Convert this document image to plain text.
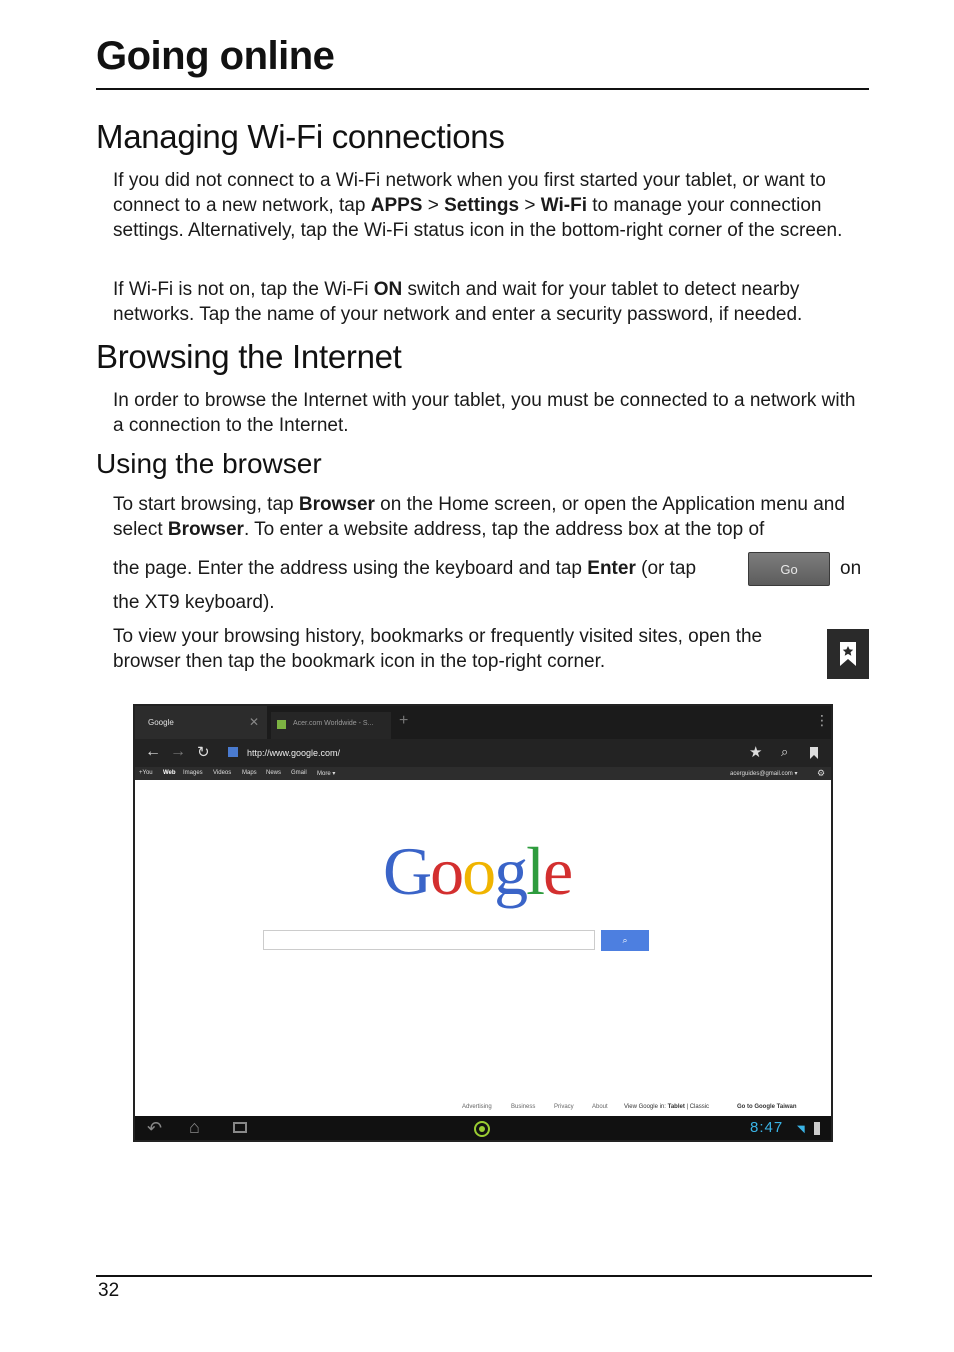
Going online
Managing Wi-Fi connections
If you did not connect to a Wi-Fi network when you first started your tablet, or want to connect to a new network, tap APPS > Settings > Wi-Fi to manage your connection settings. Alternatively, tap the Wi-Fi status icon in the bottom-right corner of the screen.
If Wi-Fi is not on, tap the Wi-Fi ON switch and wait for your tablet to detect nearby networks. Tap the name of your network and enter a security password, if needed.
Browsing the Internet
In order to browse the Internet with your tablet, you must be connected to a network with a connection to the Internet.
Using the browser
To start browsing, tap Browser on the Home screen, or open the Application menu and select Browser. To enter a website address, tap the address box at the top of
the page. Enter the address using the keyboard and tap Enter (or tap	Go	on
the XT9 keyboard).
To view your browsing history, bookmarks or frequently visited sites, open the browser then tap the bookmark icon in the top-right corner.
Google	✕	Acer.com Worldwide - S... +	⋮
← → ↻	http://www.google.com/	★ ⌕
+You Web Images Videos Maps News Gmail More ▾	acerguides@gmail.com ▾ ⚙
Google
⌕
Advertising	Business	Privacy	About	View Google in: Tablet | Classic	Go to Google Taiwan
↶ ⌂	8:47 ◥
32
